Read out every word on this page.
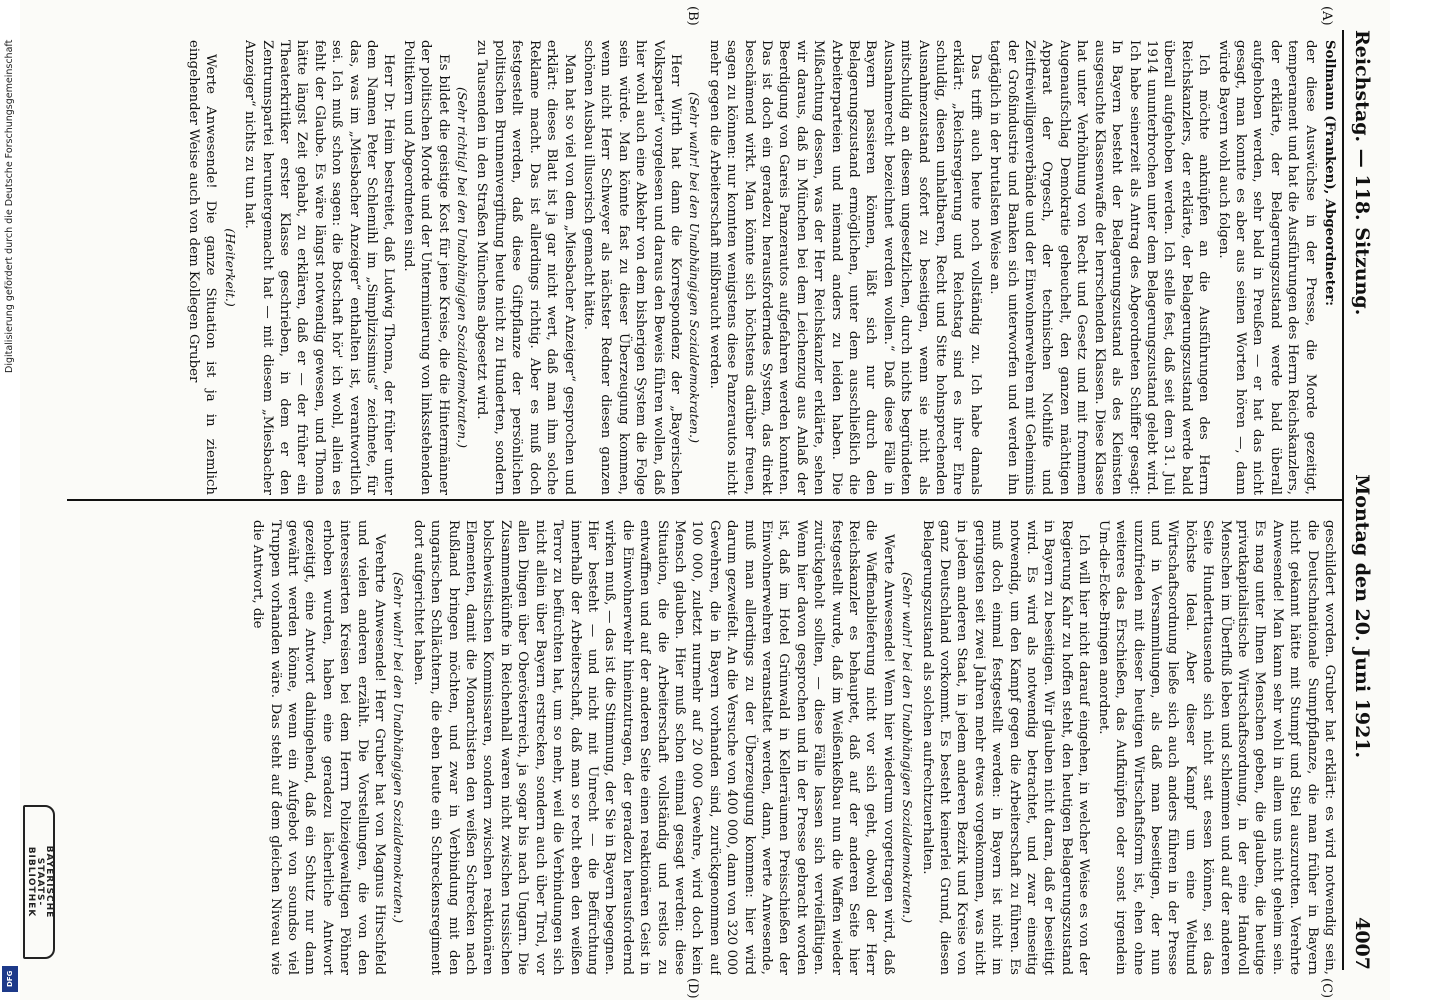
Digitalisierung gefördert durch die Deutsche Forschungsgemeinschaft
DFG
Reichstag. — 118. Sitzung.
Montag den 20. Juni 1921.
4007
(A)
(B)
(C)
(D)

Sollmann (Franken), Abgeordneter:

der diese Auswüchse in der Presse, die Morde gezeitigt, temperament und hat die Ausführungen des Herrn Reichskanzlers, der erklärte, der Belagerungszustand werde bald überall aufgehoben werden, sehr bald in Preußen — er hat das nicht gesagt, man konnte es aber aus seinen Worten hören —, dann würde Bayern wohl auch folgen.

Ich möchte anknüpfen an die Ausführungen des Herrn Reichskanzlers, der erklärte, der Belagerungszustand werde bald überall aufgehoben werden. Ich stelle fest, daß seit dem 31. Juli 1914 ununterbrochen unter dem Belagerungszustand gelebt wird. Ich habe seinerzeit als Antrag des Abgeordneten Schiffer gesagt: In Bayern besteht der Belagerungszustand als des Kleinsten ausgesuchte Klassenwaffe der herrschenden Klassen. Diese Klasse hat unter Verhöhnung von Recht und Gesetz und mit frommem Augenaufschlag Demokratie geheuchelt, den ganzen mächtigen Apparat der Orgesch, der technischen Nothilfe und Zeitfreiwilligenverbände und der Einwohnerwehren mit Geheimnis der Großindustrie und Banken sich unterworfen und werden ihn tagtäglich in der brutalsten Weise an.

Das trifft auch heute noch vollständig zu. Ich habe damals erklärt: „Reichsregierung und Reichstag sind es ihrer Ehre schuldig, diesen unhaltbaren, Recht und Sitte hohnsprechenden Ausnahmezustand sofort zu beseitigen, wenn sie nicht als mitschuldig an diesem ungesetzlichen, durch nichts begründeten Ausnahmerecht bezeichnet werden wollen.“ Daß diese Fälle in Bayern passieren können, läßt sich nur durch den Belagerungszustand ermöglichen, unter dem ausschließlich die Arbeiterparteien und niemand anders zu leiden haben. Die Mißachtung dessen, was der Herr Reichskanzler erklärte, sehen wir daraus, daß in München bei dem Leichenzug aus Anlaß der Beerdigung von Gareis Panzerautos aufgefahren werden konnten. Das ist doch ein geradezu herausforderndes System, das direkt beschämend wirkt. Man könnte sich höchstens darüber freuen, sagen zu können: nur konnten wenigstens diese Panzerautos nicht mehr gegen die Arbeiterschaft mißbraucht werden.

(Sehr wahr! bei den Unabhängigen Sozialdemokraten.)

Herr Wirth hat dann die Korrespondenz der „Bayerischen Volkspartei“ vorgelesen und daraus den Beweis führen wollen, daß hier wohl auch eine Abkehr von dem bisherigen System die Folge sein würde. Man könnte fast zu dieser Überzeugung kommen, wenn nicht Herr Schweyer als nächster Redner diesen ganzen schönen Ausbau illusorisch gemacht hätte.

Man hat so viel von dem „Miesbacher Anzeiger“ gesprochen und erklärt: dieses Blatt ist ja gar nicht wert, daß man ihm solche Reklame macht. Das ist allerdings richtig. Aber es muß doch festgestellt werden, daß diese Giftpflanze der persönlichen politischen Brunnenvergiftung heute nicht zu Hunderten, sondern zu Tausenden in den Straßen Münchens abgesetzt wird.

(Sehr richtig! bei den Unabhängigen Sozialdemokraten.)

Es bildet die geistige Kost für jene Kreise, die die Hintermänner der politischen Morde und der Unterminierung von linksstehenden Politikern und Abgeordneten sind.

Herr Dr. Heim bestreitet, daß Ludwig Thoma, der früher unter dem Namen Peter Schlemihl im „Simplizissimus“ zeichnete, für das, was im „Miesbacher Anzeiger“ enthalten ist, verantwortlich sei. Ich muß schon sagen: die Botschaft hör' ich wohl, allein es fehlt der Glaube. Es wäre längst notwendig gewesen, und Thoma hätte längst Zeit gehabt, zu erklären, daß er — der früher ein Theaterkritiker erster Klasse geschrieben, in dem er den Zentrumspartei heruntergemacht hat — mit diesem „Miesbacher Anzeiger“ nichts zu tun hat.

(Heiterkeit.)

Werte Anwesende! Die ganze Situation ist ja in ziemlich eingehender Weise auch von dem Kollegen Gruber

geschildert worden. Gruber hat erklärt: es wird notwendig sein, die Deutschnationale Sumpfpflanze, die man früher in Bayern nicht gekannt hätte mit Stumpf und Stiel auszurotten. Verehrte Anwesende! Man kann sehr wohl in allem uns nicht geheim sein. Es mag unter Ihnen Menschen geben, die glauben, die heutige privatkapitalistische Wirtschaftsordnung, in der eine Handvoll Menschen im Überfluß leben und schlemmen und auf der anderen Seite Hunderttausende sich nicht satt essen können, sei das höchste Ideal. Aber dieser Kampf um eine Weltund Wirtschaftsordnung ließe sich auch anders führen in der Presse und in Versammlungen, als daß man beseitigen, der nun unzufrieden mit dieser heutigen Wirtschaftsform ist, ehen ohne weiteres das Erschießen, das Aufknüpfen oder sonst irgendein Um-die-Ecke-Bringen anordnet.

Ich will hier nicht darauf eingehen, in welcher Weise es von der Regierung Kahr zu hoffen steht, den heutigen Belagerungszustand in Bayern zu beseitigen. Wir glauben nicht daran, daß er beseitigt wird. Es wird als notwendig betrachtet, und zwar einseitig notwendig, um den Kampf gegen die Arbeiterschaft zu führen. Es muß doch einmal festgestellt werden: in Bayern ist nicht im geringsten seit zwei Jahren mehr etwas vorgekommen, was nicht in jedem anderen Staat, in jedem anderen Bezirk und Kreise von ganz Deutschland vorkommt. Es besteht keinerlei Grund, diesen Belagerungszustand als solchen aufrechtzuerhalten.

(Sehr wahr! bei den Unabhängigen Sozialdemokraten.)

Werte Anwesende! Wenn hier wiederum vorgetragen wird, daß die Waffenablieferung nicht vor sich geht, obwohl der Herr Reichskanzler es behauptet, daß auf der anderen Seite hier festgestellt wurde, daß im Weißenkeßbau nun die Waffen wieder zurückgeholt sollten, — diese Fälle lassen sich vervielfältigen. Wenn hier davon gesprochen und in der Presse gebracht worden ist, daß im Hotel Grünwald in Kellerräumen Preisschießen der Einwohnerwehren veranstaltet werden, dann, werte Anwesende, muß man allerdings zu der Überzeugung kommen: hier wird darum gezweifelt. An die Versuche von 400 000, dann von 320 000 Gewehren, die in Bayern vorhanden sind, zurückgenommen auf 100 000, zuletzt nurmehr auf 20 000 Gewehre, wird doch kein Mensch glauben. Hier muß schon einmal gesagt werden: diese Situation, die die Arbeiterschaft vollständig und restlos zu entwaffnen und auf der anderen Seite einen reaktionären Geist in die Einwohnerwehr hineinzutragen, der geradezu herausfordernd wirken muß, — das ist die Stimmung, der Sie in Bayern begegnen. Hier besteht — und nicht mit Unrecht — die Befürchtung innerhalb der Arbeiterschaft, daß man so recht eben den weißen Terror zu befürchten hat, um so mehr, weil die Verbindungen sich nicht allein über Bayern erstrecken, sondern auch über Tirol, vor allen Dingen über Oberösterreich, ja sogar bis nach Ungarn. Die Zusammenkünfte in Reichenhall waren nicht zwischen russischen bolschewistischen Kommissaren, sondern zwischen reaktionären Elementen, damit die Monarchisten den weißen Schrecken nach Rußland bringen möchten, und zwar in Verbindung mit den ungarischen Schlächtern, die eben heute ein Schreckensregiment dort aufgerichtet haben.

(Sehr wahr! bei den Unabhängigen Sozialdemokraten.)

Verehrte Anwesende! Herr Gruber hat von Magnus Hirschfeld und vielen anderen erzählt. Die Vorstellungen, die von den interessierten Kreisen bei dem Herrn Polizeigewaltigen Pöhner erhoben wurden, haben eine geradezu lächerliche Antwort gezeitigt, eine Antwort dahingehend, daß ein Schutz nur dann gewährt werden könne, wenn ein Aufgebot von soundso viel Truppen vorhanden wäre. Das steht auf dem gleichen Niveau wie die Antwort, die

BAYERISCHE
STAATS-
BIBLIOTHEK
